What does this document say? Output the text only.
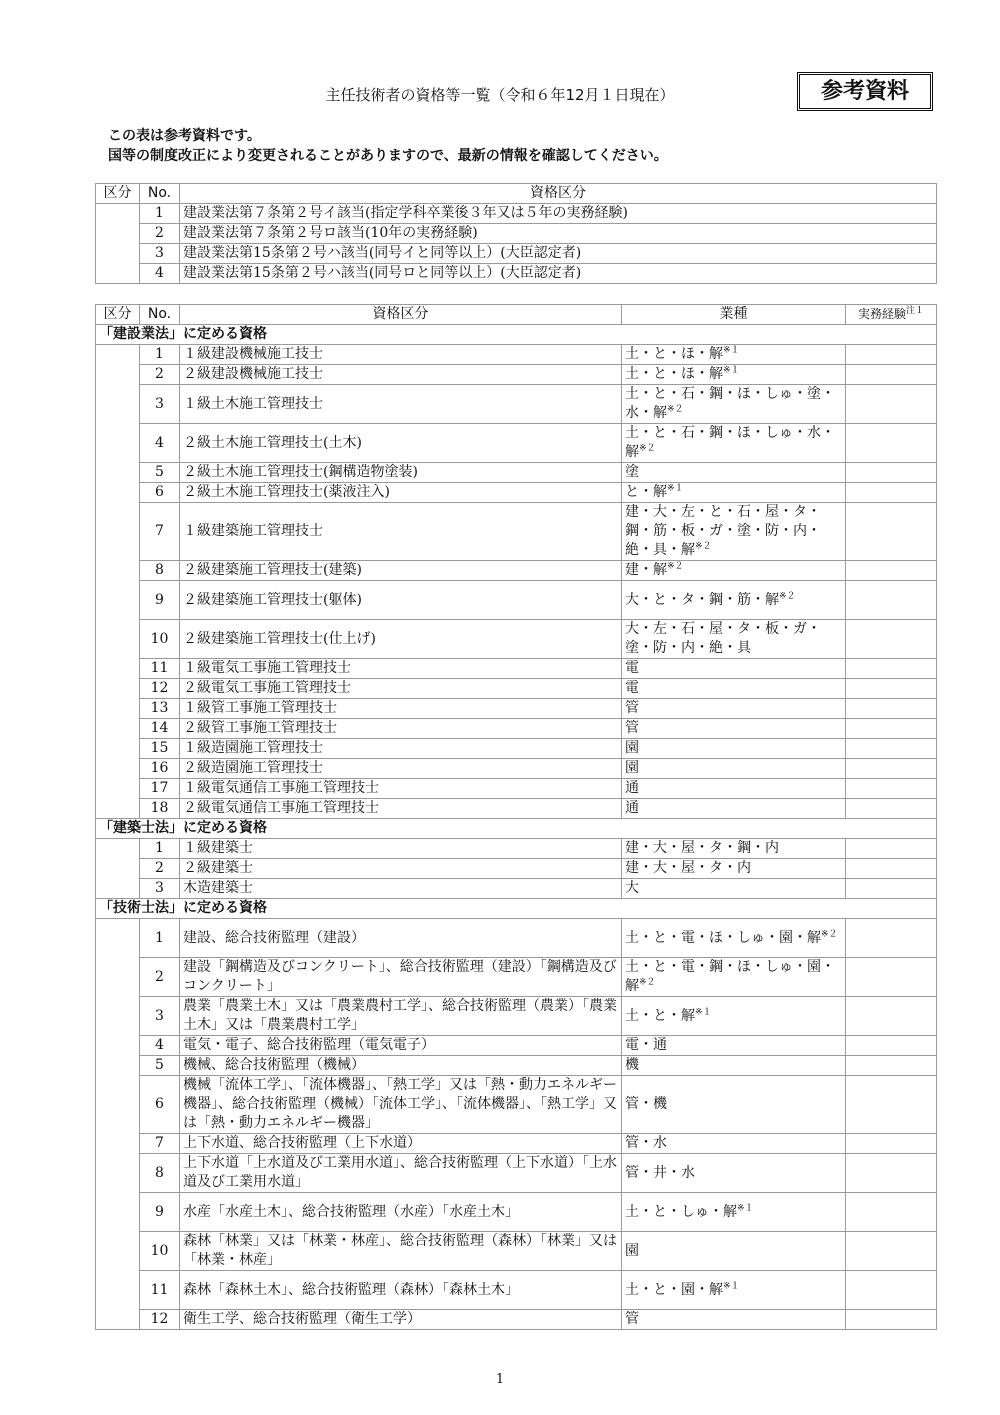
主任技術者の資格等一覧（令和６年12月１日現在）	参考資料
この表は参考資料です。
国等の制度改正により変更されることがありますので、最新の情報を確認してください。
区分	No.	資格区分
	1	建設業法第７条第２号イ該当(指定学科卒業後３年又は５年の実務経験)
	2	建設業法第７条第２号ロ該当(10年の実務経験)
	3	建設業法第15条第２号ハ該当(同号イと同等以上）(大臣認定者)
	4	建設業法第15条第２号ハ該当(同号ロと同等以上）(大臣認定者)
区分	No.	資格区分	業種	実務経験$^{注1}$
「建設業法」に定める資格				
	1	１級建設機械施工技士	土・と・ほ・解$^{※1}$	
	2	２級建設機械施工技士	土・と・ほ・解$^{※1}$	
	3	１級土木施工管理技士	土・と・石・鋼・ほ・しゅ・塗・水・解$^{※2}$	
	4	２級土木施工管理技士(土木)	土・と・石・鋼・ほ・しゅ・水・解$^{※2}$	
	5	２級土木施工管理技士(鋼構造物塗装)	塗	
	6	２級土木施工管理技士(薬液注入)	と・解$^{※1}$	
	7	１級建築施工管理技士	建・大・左・と・石・屋・タ・鋼・筋・板・ガ・塗・防・内・絶・具・解$^{※2}$	
	8	２級建築施工管理技士(建築)	建・解$^{※2}$	
	9	２級建築施工管理技士(躯体)	大・と・タ・鋼・筋・解$^{※2}$	
	10	２級建築施工管理技士(仕上げ)	大・左・石・屋・タ・板・ガ・塗・防・内・絶・具	
	11	１級電気工事施工管理技士	電	
	12	２級電気工事施工管理技士	電	
	13	１級管工事施工管理技士	管	
	14	２級管工事施工管理技士	管	
	15	１級造園施工管理技士	園	
	16	２級造園施工管理技士	園	
	17	１級電気通信工事施工管理技士	通	
	18	２級電気通信工事施工管理技士	通	
「建築士法」に定める資格				
	1	１級建築士	建・大・屋・タ・鋼・内	
	2	２級建築士	建・大・屋・タ・内	
	3	木造建築士	大	
「技術士法」に定める資格				
	1	建設、総合技術監理（建設）	土・と・電・ほ・しゅ・園・解$^{※2}$	
	2	建設「鋼構造及びコンクリート」、総合技術監理（建設）「鋼構造及びコンクリート」	土・と・電・鋼・ほ・しゅ・園・解$^{※2}$	
	3	農業「農業土木」又は「農業農村工学」、総合技術監理（農業）「農業土木」又は「農業農村工学」	土・と・解$^{※1}$	
	4	電気・電子、総合技術監理（電気電子）	電・通	
	5	機械、総合技術監理（機械）	機	
	6	機械「流体工学」、「流体機器」、「熱工学」又は「熱・動力エネルギー機器」、総合技術監理（機械）「流体工学」、「流体機器」、「熱工学」又は「熱・動力エネルギー機器」	管・機	
	7	上下水道、総合技術監理（上下水道）	管・水	
	8	上下水道「上水道及び工業用水道」、総合技術監理（上下水道）「上水道及び工業用水道」	管・井・水	
	9	水産「水産土木」、総合技術監理（水産）「水産土木」	土・と・しゅ・解$^{※1}$	
	10	森林「林業」又は「林業・林産」、総合技術監理（森林）「林業」又は「林業・林産」	園	
	11	森林「森林土木」、総合技術監理（森林）「森林土木」	土・と・園・解$^{※1}$	
	12	衛生工学、総合技術監理（衛生工学）	管	
1
